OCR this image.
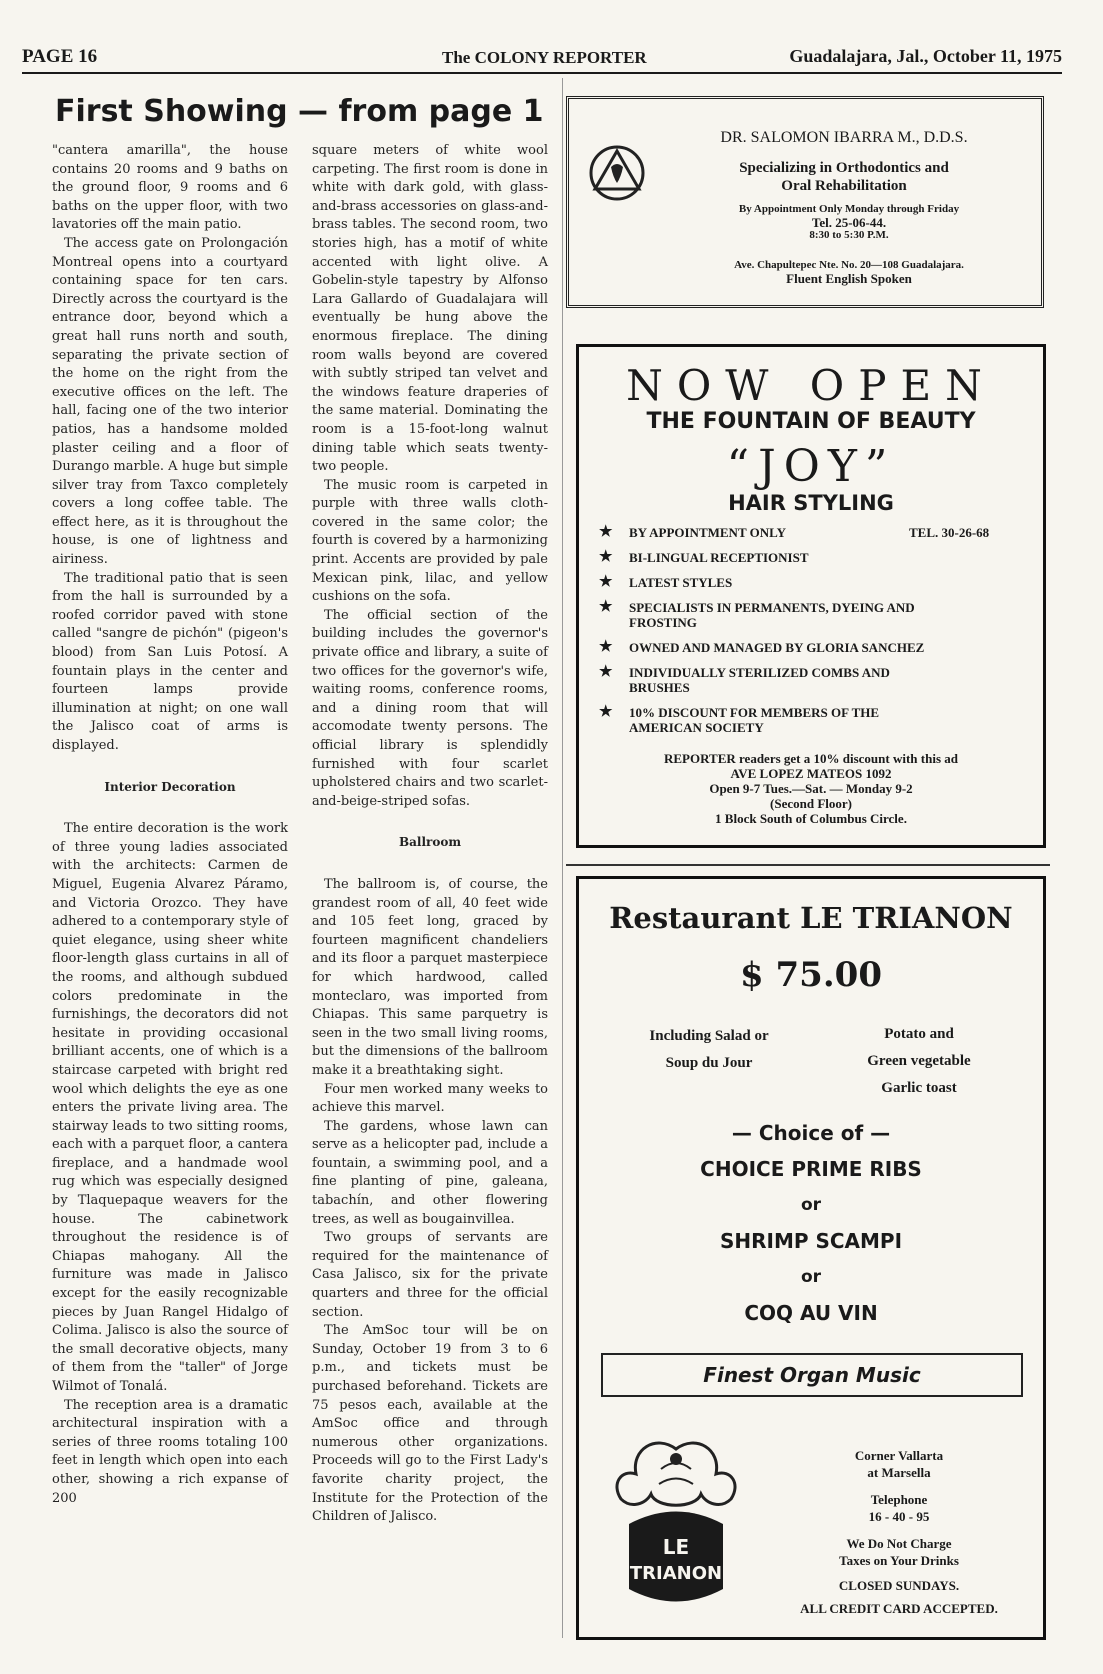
PAGE 16	The COLONY REPORTER	Guadalajara, Jal., October 11, 1975
First Showing — from page 1

"cantera amarilla", the house contains 20 rooms and 9 baths on the ground floor, 9 rooms and 6 baths on the upper floor, with two lavatories off the main patio.

The access gate on Prolongación Montreal opens into a courtyard containing space for ten cars. Directly across the courtyard is the entrance door, beyond which a great hall runs north and south, separating the private section of the home on the right from the executive offices on the left. The hall, facing one of the two interior patios, has a handsome molded plaster ceiling and a floor of Durango marble. A huge but simple silver tray from Taxco completely covers a long coffee table. The effect here, as it is throughout the house, is one of lightness and airiness.

The traditional patio that is seen from the hall is surrounded by a roofed corridor paved with stone called "sangre de pichón" (pigeon's blood) from San Luis Potosí. A fountain plays in the center and fourteen lamps provide illumination at night; on one wall the Jalisco coat of arms is displayed.

Interior Decoration

The entire decoration is the work of three young ladies associated with the architects: Carmen de Miguel, Eugenia Alvarez Páramo, and Victoria Orozco. They have adhered to a contemporary style of quiet elegance, using sheer white floor-length glass curtains in all of the rooms, and although subdued colors predominate in the furnishings, the decorators did not hesitate in providing occasional brilliant accents, one of which is a staircase carpeted with bright red wool which delights the eye as one enters the private living area. The stairway leads to two sitting rooms, each with a parquet floor, a cantera fireplace, and a handmade wool rug which was especially designed by Tlaquepaque weavers for the house. The cabinetwork throughout the residence is of Chiapas mahogany. All the furniture was made in Jalisco except for the easily recognizable pieces by Juan Rangel Hidalgo of Colima. Jalisco is also the source of the small decorative objects, many of them from the "taller" of Jorge Wilmot of Tonalá.

The reception area is a dramatic architectural inspiration with a series of three rooms totaling 100 feet in length which open into each other, showing a rich expanse of 200

square meters of white wool carpeting. The first room is done in white with dark gold, with glass-and-brass accessories on glass-and-brass tables. The second room, two stories high, has a motif of white accented with light olive. A Gobelin-style tapestry by Alfonso Lara Gallardo of Guadalajara will eventually be hung above the enormous fireplace. The dining room walls beyond are covered with subtly striped tan velvet and the windows feature draperies of the same material. Dominating the room is a 15-foot-long walnut dining table which seats twenty-two people.

The music room is carpeted in purple with three walls cloth-covered in the same color; the fourth is covered by a harmonizing print. Accents are provided by pale Mexican pink, lilac, and yellow cushions on the sofa.

The official section of the building includes the governor's private office and library, a suite of two offices for the governor's wife, waiting rooms, conference rooms, and a dining room that will accomodate twenty persons. The official library is splendidly furnished with four scarlet upholstered chairs and two scarlet-and-beige-striped sofas.

Ballroom

The ballroom is, of course, the grandest room of all, 40 feet wide and 105 feet long, graced by fourteen magnificent chandeliers and its floor a parquet masterpiece for which hardwood, called monteclaro, was imported from Chiapas. This same parquetry is seen in the two small living rooms, but the dimensions of the ballroom make it a breathtaking sight.

Four men worked many weeks to achieve this marvel.

The gardens, whose lawn can serve as a helicopter pad, include a fountain, a swimming pool, and a fine planting of pine, galeana, tabachín, and other flowering trees, as well as bougainvillea.

Two groups of servants are required for the maintenance of Casa Jalisco, six for the private quarters and three for the official section.

The AmSoc tour will be on Sunday, October 19 from 3 to 6 p.m., and tickets must be purchased beforehand. Tickets are 75 pesos each, available at the AmSoc office and through numerous other organizations. Proceeds will go to the First Lady's favorite charity project, the Institute for the Protection of the Children of Jalisco.

DR. SALOMON IBARRA M., D.D.S.
Specializing in Orthodontics and
Oral Rehabilitation
By Appointment Only Monday through Friday
Tel. 25-06-44.
8:30 to 5:30 P.M.
Ave. Chapultepec Nte. No. 20—108 Guadalajara.
Fluent English Spoken
NOW OPEN
THE FOUNTAIN OF BEAUTY
“JOY”
HAIR STYLING
TEL. 30-26-68
★ BY APPOINTMENT ONLY
★ BI-LINGUAL RECEPTIONIST
★ LATEST STYLES
★ SPECIALISTS IN PERMANENTS, DYEING AND FROSTING
★ OWNED AND MANAGED BY GLORIA SANCHEZ
★ INDIVIDUALLY STERILIZED COMBS AND BRUSHES
★ 10% DISCOUNT FOR MEMBERS OF THE AMERICAN SOCIETY
REPORTER readers get a 10% discount with this ad
AVE LOPEZ MATEOS 1092
Open 9-7 Tues.—Sat. — Monday 9-2
(Second Floor)
1 Block South of Columbus Circle.
Restaurant LE TRIANON
$ 75.00
Including Salad or
Soup du Jour
Potato and
Green vegetable
Garlic toast
— Choice of —
CHOICE PRIME RIBS
or
SHRIMP SCAMPI
or
COQ AU VIN
Finest Organ Music
LE
TRIANON
Corner Vallarta
at Marsella
Telephone
16 - 40 - 95
We Do Not Charge
Taxes on Your Drinks
CLOSED SUNDAYS.
ALL CREDIT CARD ACCEPTED.
